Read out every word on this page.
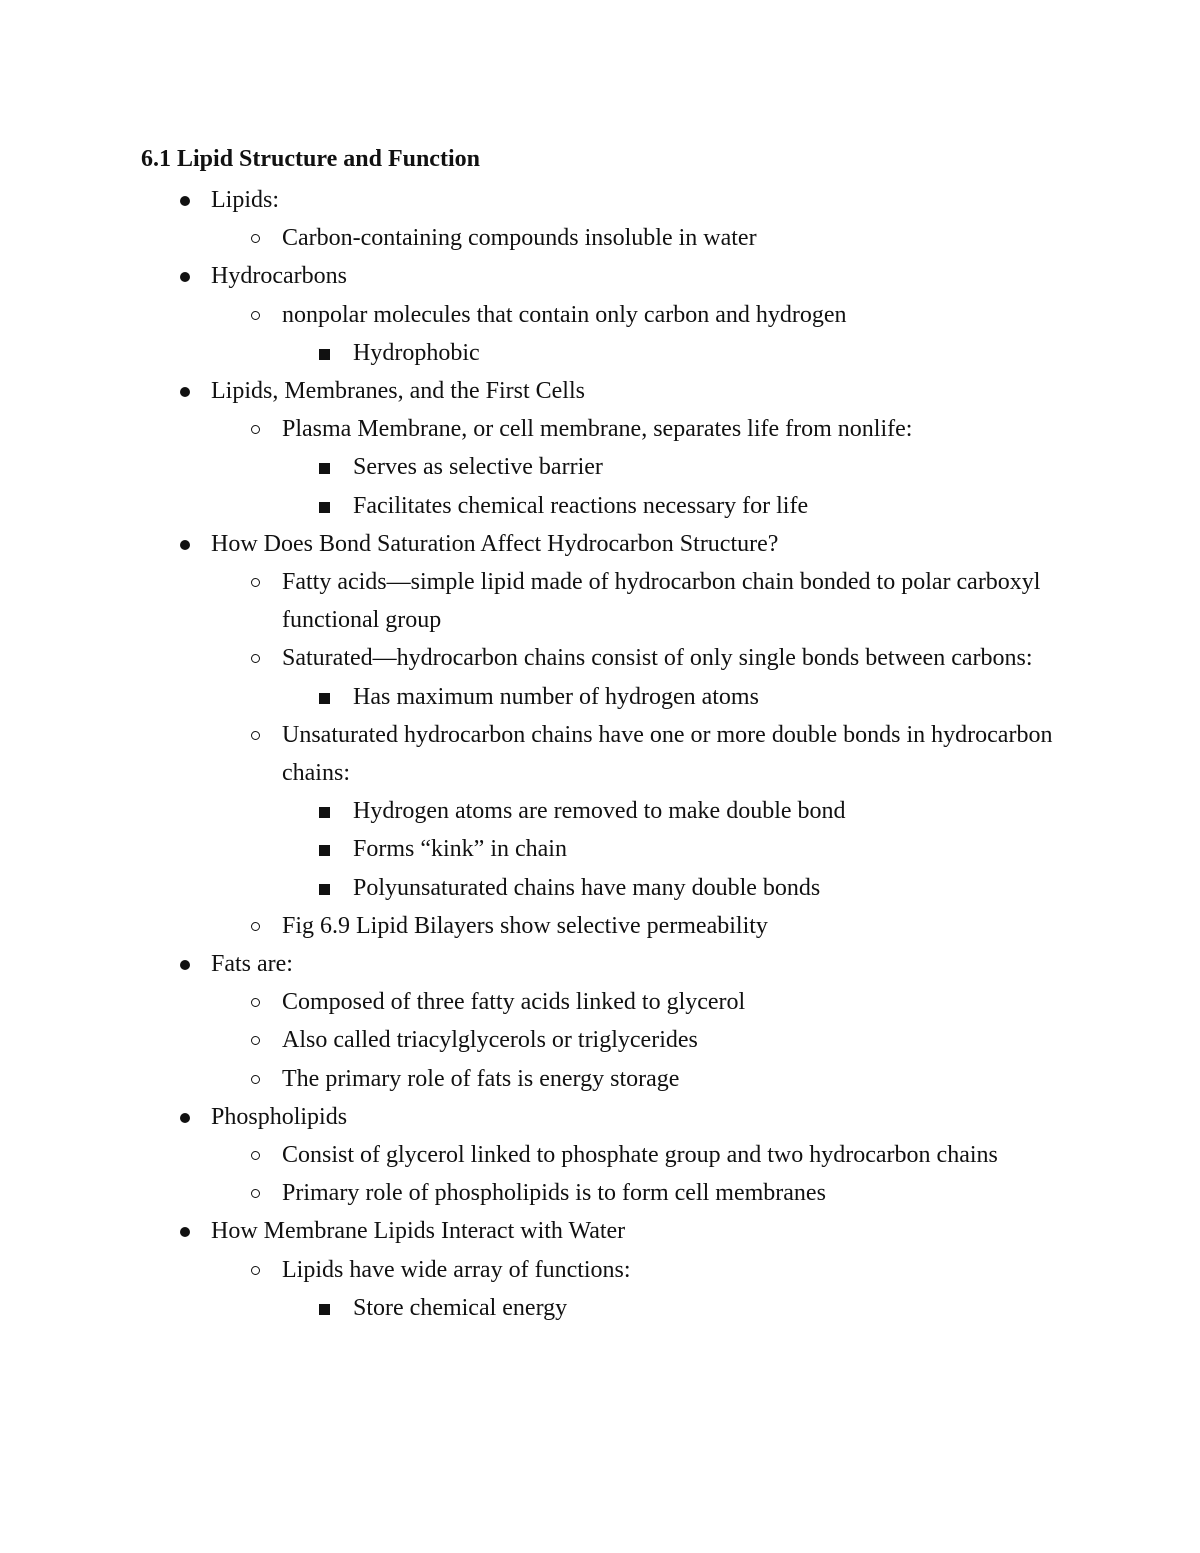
6.1 Lipid Structure and Function
Lipids:
Carbon-containing compounds insoluble in water
Hydrocarbons
nonpolar molecules that contain only carbon and hydrogen
Hydrophobic
Lipids, Membranes, and the First Cells
Plasma Membrane, or cell membrane, separates life from nonlife:
Serves as selective barrier
Facilitates chemical reactions necessary for life
How Does Bond Saturation Affect Hydrocarbon Structure?
Fatty acids—simple lipid made of hydrocarbon chain bonded to polar carboxyl functional group
Saturated—hydrocarbon chains consist of only single bonds between carbons:
Has maximum number of hydrogen atoms
Unsaturated hydrocarbon chains have one or more double bonds in hydrocarbon chains:
Hydrogen atoms are removed to make double bond
Forms “kink” in chain
Polyunsaturated chains have many double bonds
Fig 6.9 Lipid Bilayers show selective permeability
Fats are:
Composed of three fatty acids linked to glycerol
Also called triacylglycerols or triglycerides
The primary role of fats is energy storage
Phospholipids
Consist of glycerol linked to phosphate group and two hydrocarbon chains
Primary role of phospholipids is to form cell membranes
How Membrane Lipids Interact with Water
Lipids have wide array of functions:
Store chemical energy
